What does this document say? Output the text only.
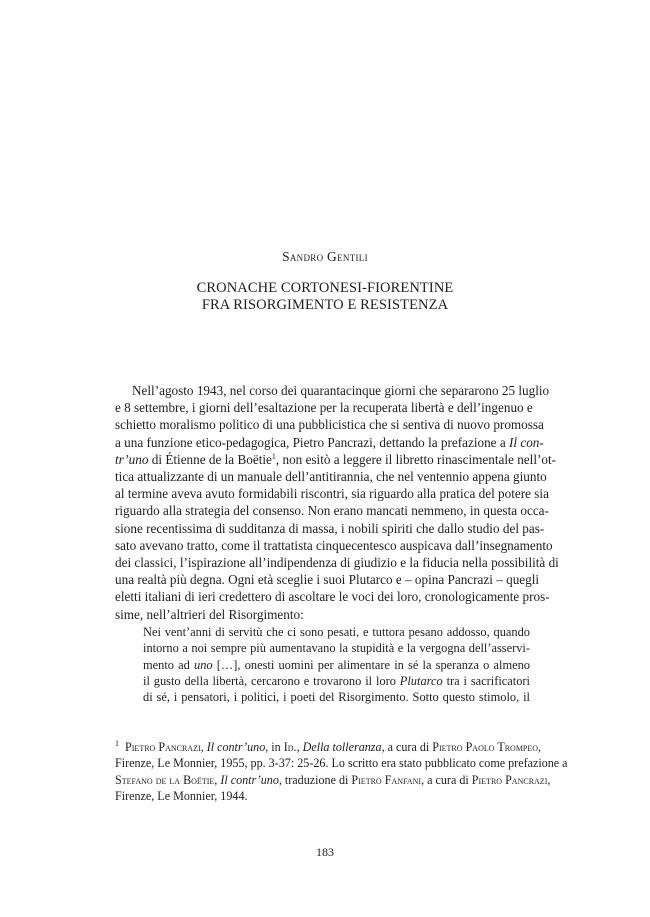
Sandro Gentili
CRONACHE CORTONESI-FIORENTINE
FRA RISORGIMENTO E RESISTENZA
Nell’agosto 1943, nel corso dei quarantacinque giorni che separarono 25 luglio
e 8 settembre, i giorni dell’esaltazione per la recuperata libertà e dell’ingenuo e
schietto moralismo politico di una pubblicistica che si sentiva di nuovo promossa
a una funzione etico-pedagogica, Pietro Pancrazi, dettando la prefazione a Il con-
tr’uno di Étienne de la Boëtie$^1$, non esitò a leggere il libretto rinascimentale nell’ot-
tica attualizzante di un manuale dell’antitirannia, che nel ventennio appena giunto
al termine aveva avuto formidabili riscontri, sia riguardo alla pratica del potere sia
riguardo alla strategia del consenso. Non erano mancati nemmeno, in questa occa-
sione recentissima di sudditanza di massa, i nobili spiriti che dallo studio del pas-
sato avevano tratto, come il trattatista cinquecentesco auspicava dall’insegnamento
dei classici, l’ispirazione all’indipendenza di giudizio e la fiducia nella possibilità di
una realtà più degna. Ogni età sceglie i suoi Plutarco e – opina Pancrazi – quegli
eletti italiani di ieri credettero di ascoltare le voci dei loro, cronologicamente pros-
sime, nell’altrieri del Risorgimento:
Nei vent’anni di servitù che ci sono pesati, e tuttora pesano addosso, quando
intorno a noi sempre più aumentavano la stupidità e la vergogna dell’asservi-
mento ad uno […], onesti uomini per alimentare in sé la speranza o almeno
il gusto della libertà, cercarono e trovarono il loro Plutarco tra i sacrificatori
di sé, i pensatori, i politici, i poeti del Risorgimento. Sotto questo stimolo, il
$^1$ Pietro Pancrazi, Il contr’uno, in Id., Della tolleranza, a cura di Pietro Paolo Trompeo,
Firenze, Le Monnier, 1955, pp. 3-37: 25-26. Lo scritto era stato pubblicato come prefazione a
Stefano de la Boëtie, Il contr’uno, traduzione di Pietro Fanfani, a cura di Pietro Pancrazi,
Firenze, Le Monnier, 1944.
183
